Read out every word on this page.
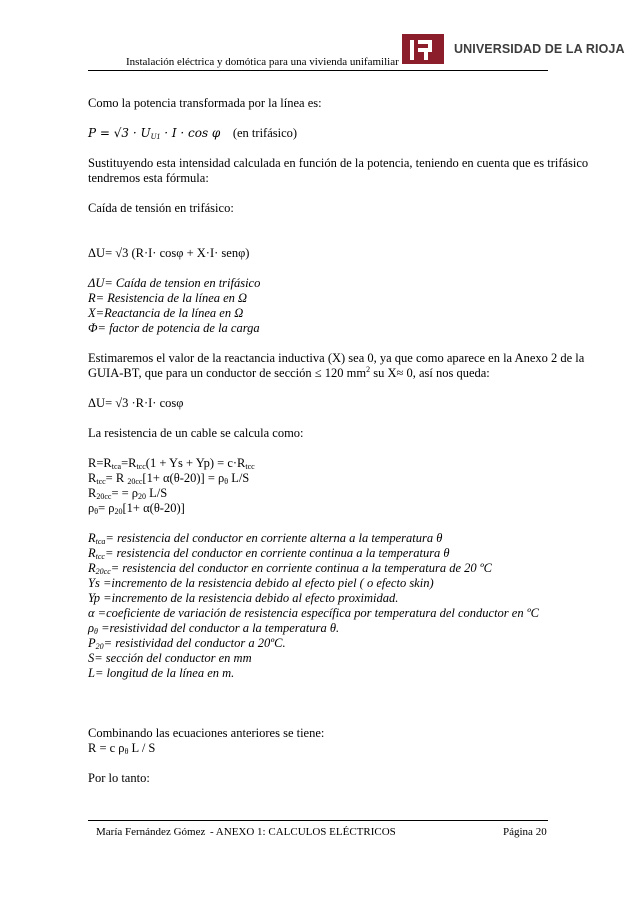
Instalación eléctrica y domótica para una vivienda unifamiliar
UNIVERSIDAD DE LA RIOJA

Como la potencia transformada por la línea es:

$P = √3 \cdot U_{U1} \cdot I \cdot \cos \varphi$ (en trifásico)

Sustituyendo esta intensidad calculada en función de la potencia, teniendo en cuenta que es trifásico tendremos esta fórmula:

Caída de tensión en trifásico:

ΔU= √3 (R·I· cosφ + X·I· senφ)

ΔU= Caída de tension en trifásico

R= Resistencia de la línea en Ω

X=Reactancia de la línea en Ω

Φ= factor de potencia de la carga

Estimaremos el valor de la reactancia inductiva (X) sea 0, ya que como aparece en la Anexo 2 de la GUIA-BT, que para un conductor de sección ≤ 120 $mm^2$ su X≈ 0, así nos queda:

ΔU= √3 ·R·I· cosφ

La resistencia de un cable se calcula como:

$R=R_{tca}=R_{tcc}(1 + Ys + Yp) = c\cdot R_{tcc}$

$R_{tcc}= R$ $_{20cc}[1+ \alpha(\theta-20)] = \rho_\theta$ L/S

$R_{20cc}= = \rho_{20}$ L/S

$\rho_\theta= \rho_{20}[1+ \alpha(\theta-20)]$

$R_{tca}=$ resistencia del conductor en corriente alterna a la temperatura θ

$R_{tcc}=$ resistencia del conductor en corriente continua a la temperatura θ

$R_{20cc}=$ resistencia del conductor en corriente continua a la temperatura de 20 ºC

Ys =incremento de la resistencia debido al efecto piel ( o efecto skin)

Yp =incremento de la resistencia debido al efecto proximidad.

α =coeficiente de variación de resistencia específica por temperatura del conductor en ºC

$\rho_\theta$ =resistividad del conductor a la temperatura θ.

$P_{20}=$ resistividad del conductor a 20ºC.

S= sección del conductor en mm

L= longitud de la línea en m.

Combinando las ecuaciones anteriores se tiene:

R = c $\rho_\theta$ L / S

Por lo tanto:

María Fernández Gómez - ANEXO 1: CALCULOS ELÉCTRICOS	Página 20
